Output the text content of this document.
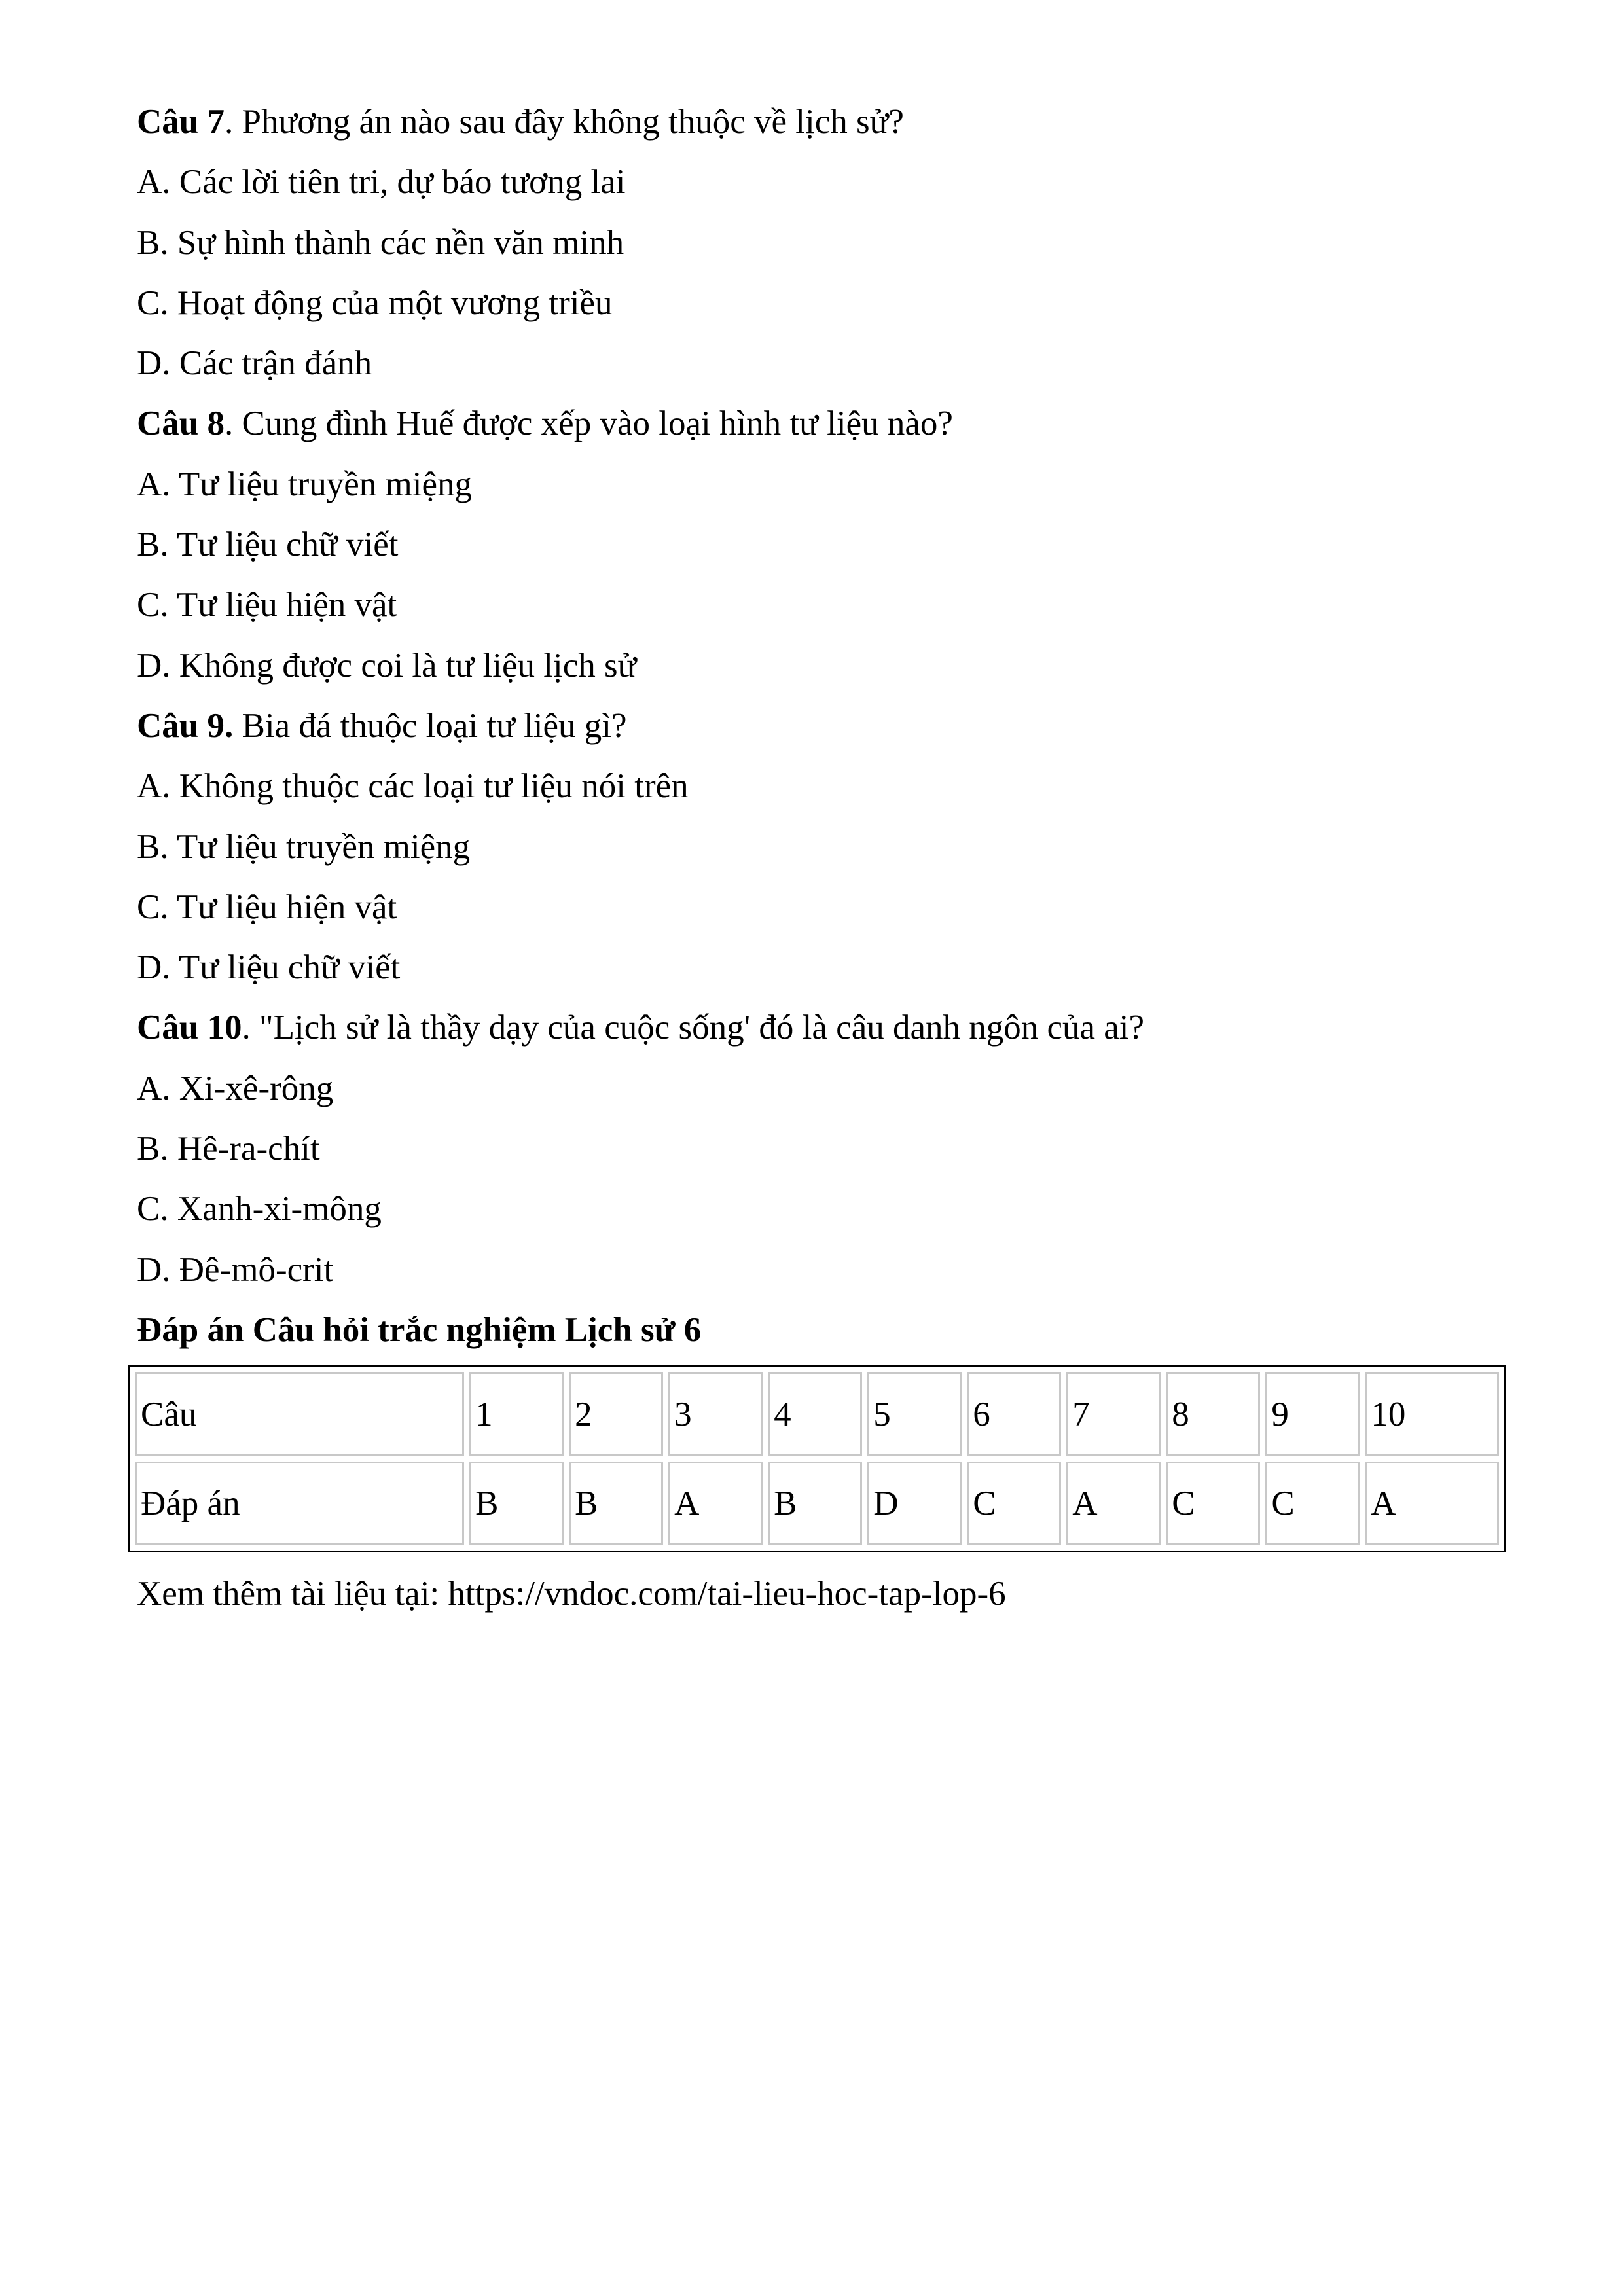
Câu 7. Phương án nào sau đây không thuộc về lịch sử?
A. Các lời tiên tri, dự báo tương lai
B. Sự hình thành các nền văn minh
C. Hoạt động của một vương triều
D. Các trận đánh
Câu 8. Cung đình Huế được xếp vào loại hình tư liệu nào?
A. Tư liệu truyền miệng
B. Tư liệu chữ viết
C. Tư liệu hiện vật
D. Không được coi là tư liệu lịch sử
Câu 9. Bia đá thuộc loại tư liệu gì?
A. Không thuộc các loại tư liệu nói trên
B. Tư liệu truyền miệng
C. Tư liệu hiện vật
D. Tư liệu chữ viết
Câu 10. "Lịch sử là thầy dạy của cuộc sống' đó là câu danh ngôn của ai?
A. Xi-xê-rông
B. Hê-ra-chít
C. Xanh-xi-mông
D. Đê-mô-crit
Đáp án Câu hỏi trắc nghiệm Lịch sử 6
Câu	1	2	3	4	5	6	7	8	9	10
Đáp án	B	B	A	B	D	C	A	C	C	A
Xem thêm tài liệu tại: https://vndoc.com/tai-lieu-hoc-tap-lop-6
